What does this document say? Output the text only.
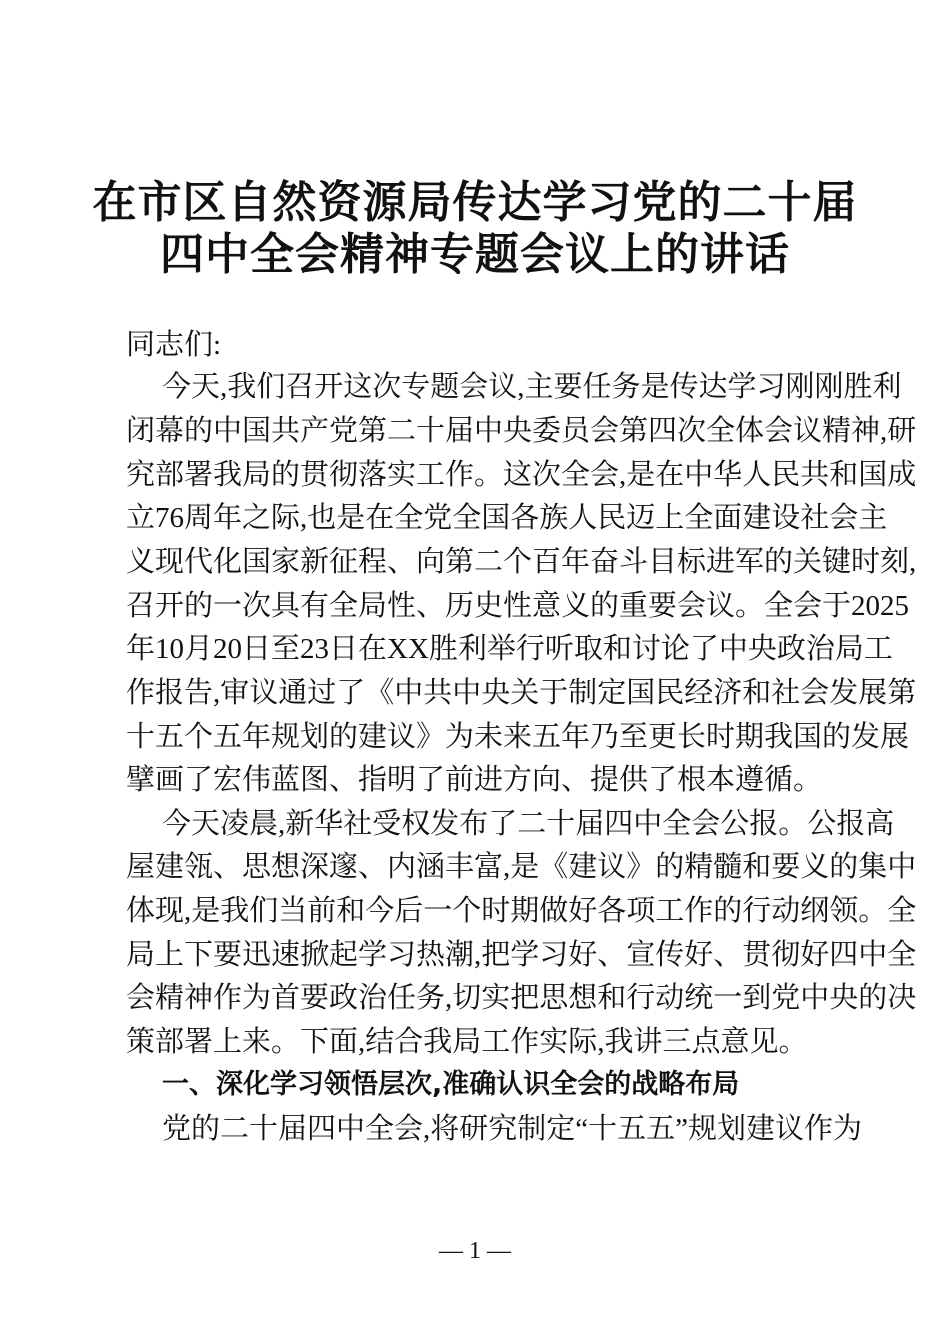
在市区自然资源局传达学习党的二十届
四中全会精神专题会议上的讲话
同志们:
今天,我们召开这次专题会议,主要任务是传达学习刚刚胜利
闭幕的中国共产党第二十届中央委员会第四次全体会议精神,研
究部署我局的贯彻落实工作。这次全会,是在中华人民共和国成
立76周年之际,也是在全党全国各族人民迈上全面建设社会主
义现代化国家新征程、向第二个百年奋斗目标进军的关键时刻,
召开的一次具有全局性、历史性意义的重要会议。全会于2025
年10月20日至23日在XX胜利举行听取和讨论了中央政治局工
作报告,审议通过了《中共中央关于制定国民经济和社会发展第
十五个五年规划的建议》为未来五年乃至更长时期我国的发展
擘画了宏伟蓝图、指明了前进方向、提供了根本遵循。
今天凌晨,新华社受权发布了二十届四中全会公报。公报高
屋建瓴、思想深邃、内涵丰富,是《建议》的精髓和要义的集中
体现,是我们当前和今后一个时期做好各项工作的行动纲领。全
局上下要迅速掀起学习热潮,把学习好、宣传好、贯彻好四中全
会精神作为首要政治任务,切实把思想和行动统一到党中央的决
策部署上来。下面,结合我局工作实际,我讲三点意见。
一、深化学习领悟层次,准确认识全会的战略布局
党的二十届四中全会,将研究制定“十五五”规划建议作为
— 1 —
